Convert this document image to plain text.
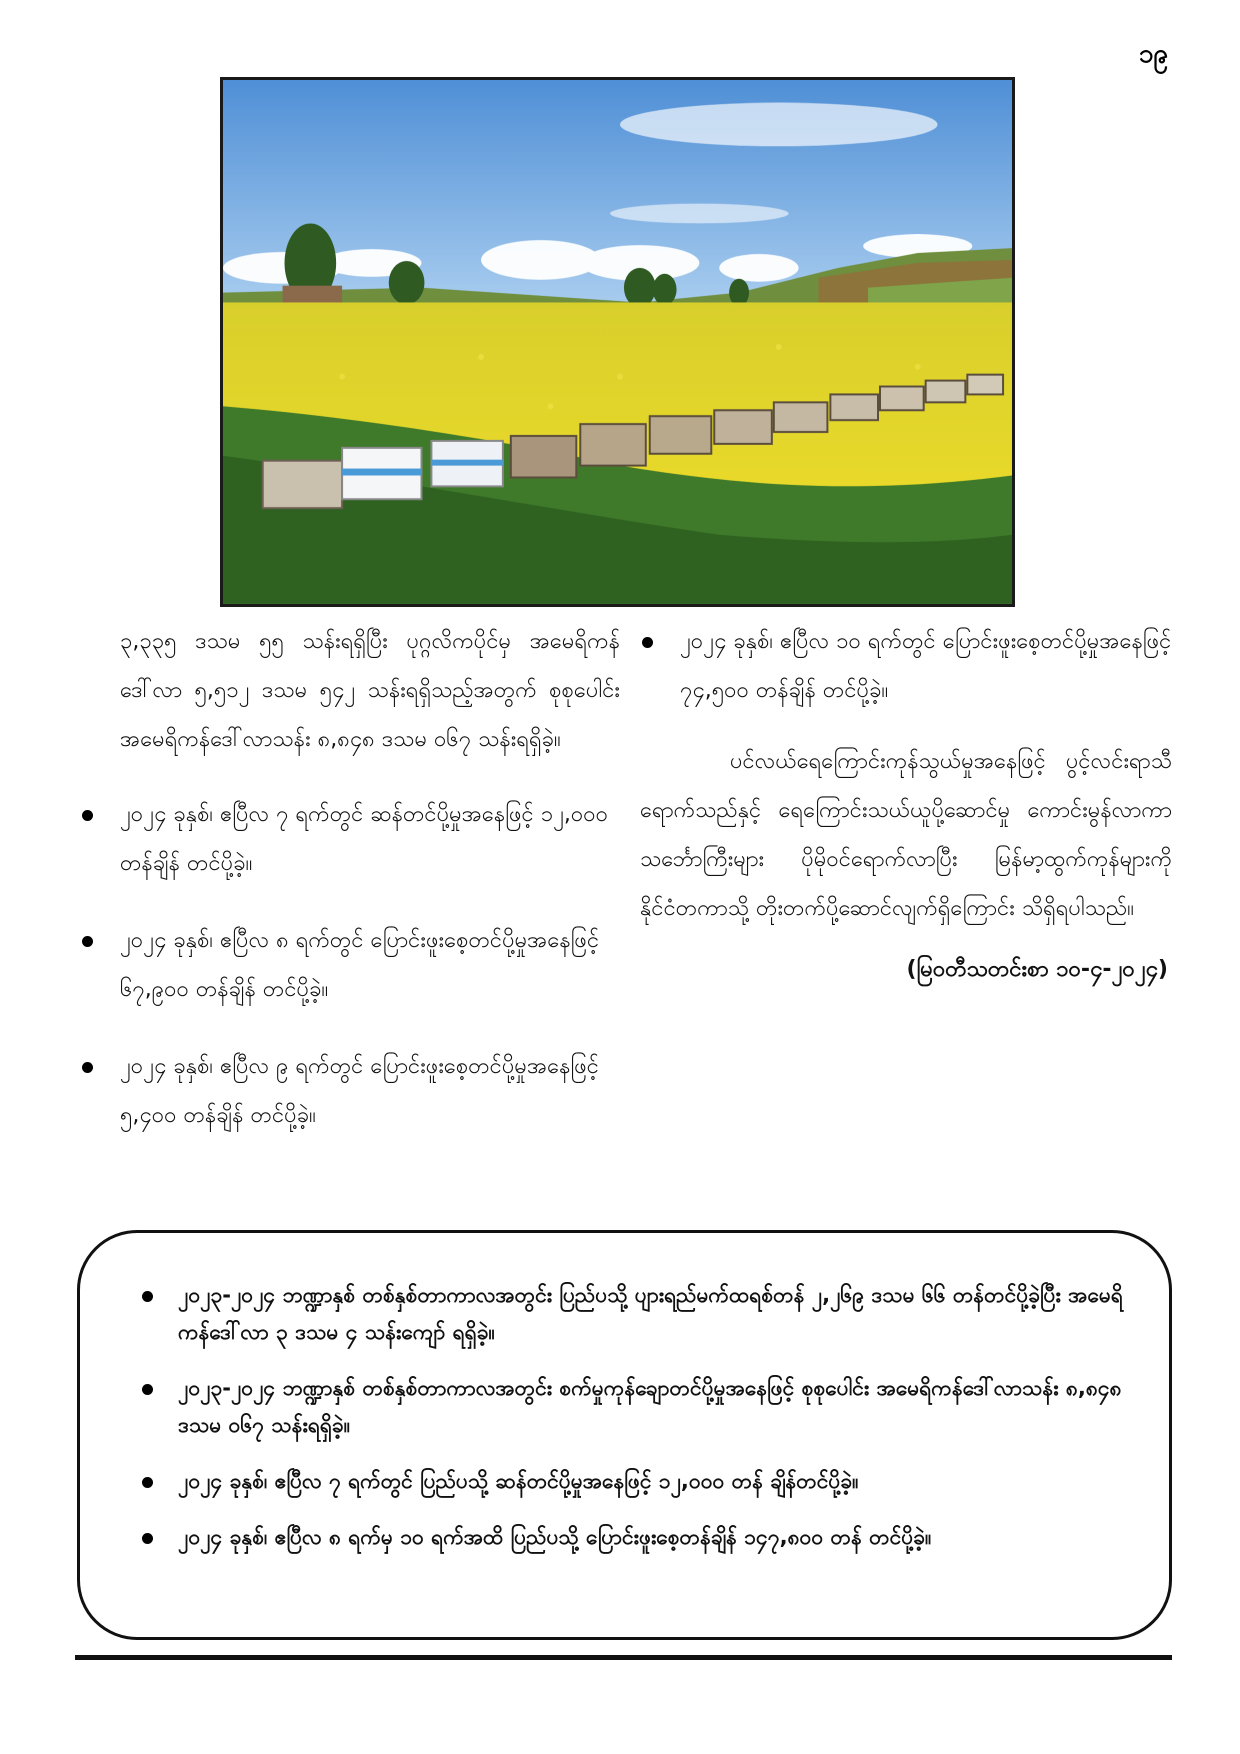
၁၉

၃,၃၃၅ ဒသမ ၅၅ သန်းရရှိပြီး ပုဂ္ဂလိကပိုင်မှ အမေရိကန်ဒေါ်လာ ၅,၅၁၂ ဒသမ ၅၄၂ သန်းရရှိသည့်အတွက် စုစုပေါင်း အမေရိကန်ဒေါ်လာသန်း ၈,၈၄၈ ဒသမ ၀၆၇ သန်းရရှိခဲ့။

၂၀၂၄ ခုနှစ်၊ ဧပြီလ ၇ ရက်တွင် ဆန်တင်ပို့မှုအနေဖြင့် ၁၂,၀၀၀ တန်ချိန် တင်ပို့ခဲ့။
၂၀၂၄ ခုနှစ်၊ ဧပြီလ ၈ ရက်တွင် ပြောင်းဖူးစေ့တင်ပို့မှုအနေဖြင့် ၆၇,၉၀၀ တန်ချိန် တင်ပို့ခဲ့။
၂၀၂၄ ခုနှစ်၊ ဧပြီလ ၉ ရက်တွင် ပြောင်းဖူးစေ့တင်ပို့မှုအနေဖြင့် ၅,၄၀၀ တန်ချိန် တင်ပို့ခဲ့။
၂၀၂၄ ခုနှစ်၊ ဧပြီလ ၁၀ ရက်တွင် ပြောင်းဖူးစေ့တင်ပို့မှုအနေဖြင့် ၇၄,၅၀၀ တန်ချိန် တင်ပို့ခဲ့။

ပင်လယ်ရေကြောင်းကုန်သွယ်မှုအနေဖြင့် ပွင့်လင်းရာသီရောက်သည်နှင့် ရေကြောင်းသယ်ယူပို့ဆောင်မှု ကောင်းမွန်လာကာ သင်္ဘောကြီးများ ပိုမိုဝင်ရောက်လာပြီး မြန်မာ့ထွက်ကုန်များကို နိုင်ငံတကာသို့ တိုးတက်ပို့ဆောင်လျက်ရှိကြောင်း သိရှိရပါသည်။

(မြဝတီသတင်းစာ ၁၀-၄-၂၀၂၄)
၂၀၂၃-၂၀၂၄ ဘဏ္ဍာနှစ် တစ်နှစ်တာကာလအတွင်း ပြည်ပသို့ ပျားရည်မက်ထရစ်တန် ၂,၂၆၉ ဒသမ ၆၆ တန်တင်ပို့ခဲ့ပြီး အမေရိကန်ဒေါ်လာ ၃ ဒသမ ၄ သန်းကျော် ရရှိခဲ့။
၂၀၂၃-၂၀၂၄ ဘဏ္ဍာနှစ် တစ်နှစ်တာကာလအတွင်း စက်မှုကုန်ချောတင်ပို့မှုအနေဖြင့် စုစုပေါင်း အမေရိကန်ဒေါ်လာသန်း ၈,၈၄၈ ဒသမ ၀၆၇ သန်းရရှိခဲ့။
၂၀၂၄ ခုနှစ်၊ ဧပြီလ ၇ ရက်တွင် ပြည်ပသို့ ဆန်တင်ပို့မှုအနေဖြင့် ၁၂,၀၀၀ တန် ချိန်တင်ပို့ခဲ့။
၂၀၂၄ ခုနှစ်၊ ဧပြီလ ၈ ရက်မှ ၁၀ ရက်အထိ ပြည်ပသို့ ပြောင်းဖူးစေ့တန်ချိန် ၁၄၇,၈၀၀ တန် တင်ပို့ခဲ့။
